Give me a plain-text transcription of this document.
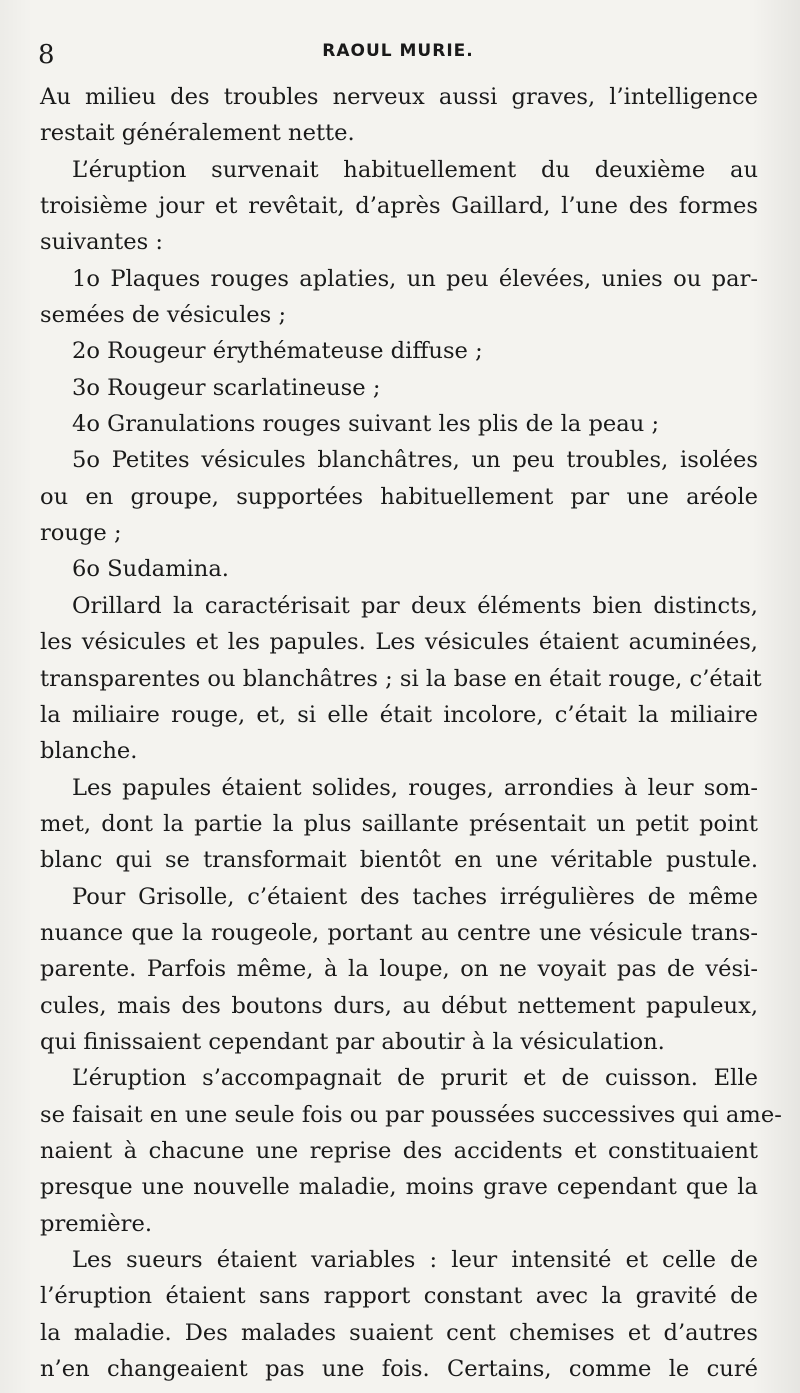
8	RAOUL MURIE.
Au milieu des troubles nerveux aussi graves, l’intelligence
restait généralement nette.
L’éruption survenait habituellement du deuxième au
troisième jour et revêtait, d’après Gaillard, l’une des formes
suivantes :
1o Plaques rouges aplaties, un peu élevées, unies ou par-
semées de vésicules ;
2o Rougeur érythémateuse diffuse ;
3o Rougeur scarlatineuse ;
4o Granulations rouges suivant les plis de la peau ;
5o Petites vésicules blanchâtres, un peu troubles, isolées
ou en groupe, supportées habituellement par une aréole
rouge ;
6o Sudamina.
Orillard la caractérisait par deux éléments bien distincts,
les vésicules et les papules. Les vésicules étaient acuminées,
transparentes ou blanchâtres ; si la base en était rouge, c’était
la miliaire rouge, et, si elle était incolore, c’était la miliaire
blanche.
Les papules étaient solides, rouges, arrondies à leur som-
met, dont la partie la plus saillante présentait un petit point
blanc qui se transformait bientôt en une véritable pustule.
Pour Grisolle, c’étaient des taches irrégulières de même
nuance que la rougeole, portant au centre une vésicule trans-
parente. Parfois même, à la loupe, on ne voyait pas de vési-
cules, mais des boutons durs, au début nettement papuleux,
qui finissaient cependant par aboutir à la vésiculation.
L’éruption s’accompagnait de prurit et de cuisson. Elle
se faisait en une seule fois ou par poussées successives qui ame-
naient à chacune une reprise des accidents et constituaient
presque une nouvelle maladie, moins grave cependant que la
première.
Les sueurs étaient variables : leur intensité et celle de
l’éruption étaient sans rapport constant avec la gravité de
la maladie. Des malades suaient cent chemises et d’autres
n’en changeaient pas une fois. Certains, comme le curé
